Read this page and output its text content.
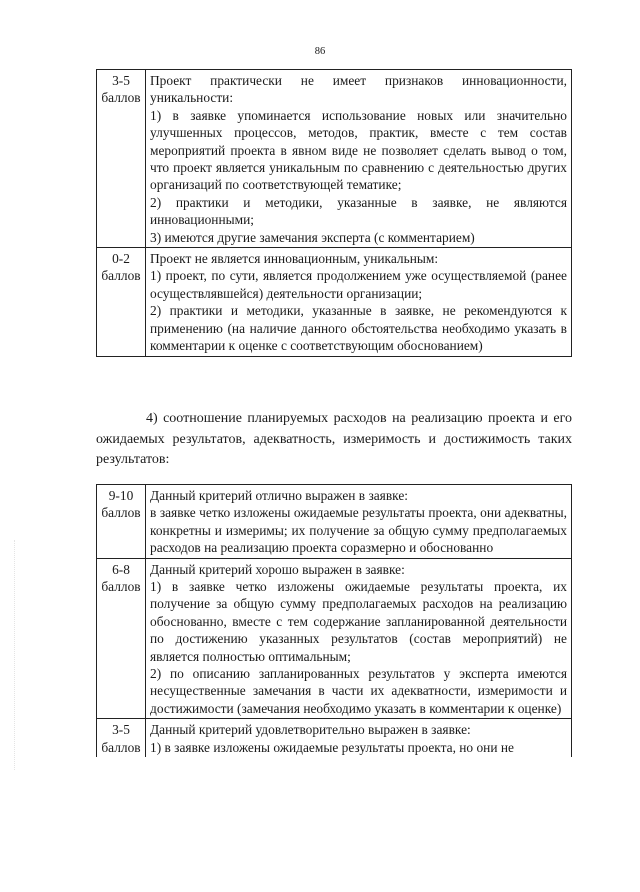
86
3-5
баллов	Проект практически не имеет признаков инновационности, уникальности:
1) в заявке упоминается использование новых или значительно улучшенных процессов, методов, практик, вместе с тем состав мероприятий проекта в явном виде не позволяет сделать вывод о том, что проект является уникальным по сравнению с деятельностью других организаций по соответствующей тематике;
2) практики и методики, указанные в заявке, не являются инновационными;
3) имеются другие замечания эксперта (с комментарием)

0-2
баллов	Проект не является инновационным, уникальным:
1) проект, по сути, является продолжением уже осуществляемой (ранее осуществлявшейся) деятельности организации;
2) практики и методики, указанные в заявке, не рекомендуются к применению (на наличие данного обстоятельства необходимо указать в комментарии к оценке с соответствующим обоснованием)
4) соотношение планируемых расходов на реализацию проекта и его ожидаемых результатов, адекватность, измеримость и достижимость таких результатов:
9-10
баллов	Данный критерий отлично выражен в заявке:
в заявке четко изложены ожидаемые результаты проекта, они адекватны, конкретны и измеримы; их получение за общую сумму предполагаемых расходов на реализацию проекта соразмерно и обоснованно

6-8
баллов	Данный критерий хорошо выражен в заявке:
1) в заявке четко изложены ожидаемые результаты проекта, их получение за общую сумму предполагаемых расходов на реализацию обоснованно, вместе с тем содержание запланированной деятельности по достижению указанных результатов (состав мероприятий) не является полностью оптимальным;
2) по описанию запланированных результатов у эксперта имеются несущественные замечания в части их адекватности, измеримости и достижимости (замечания необходимо указать в комментарии к оценке)

3-5
баллов	Данный критерий удовлетворительно выражен в заявке:
1) в заявке изложены ожидаемые результаты проекта, но они не
